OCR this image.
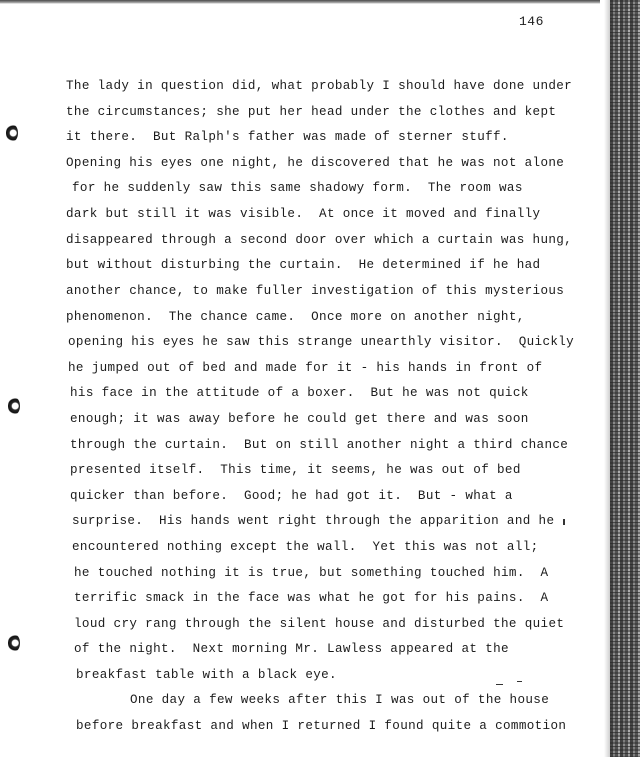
146
The lady in question did, what probably I should have done under
the circumstances; she put her head under the clothes and kept
it there.  But Ralph's father was made of sterner stuff.
Opening his eyes one night, he discovered that he was not alone
for he suddenly saw this same shadowy form.  The room was
dark but still it was visible.  At once it moved and finally
disappeared through a second door over which a curtain was hung,
but without disturbing the curtain.  He determined if he had
another chance, to make fuller investigation of this mysterious
phenomenon.  The chance came.  Once more on another night,
opening his eyes he saw this strange unearthly visitor.  Quickly
he jumped out of bed and made for it - his hands in front of
his face in the attitude of a boxer.  But he was not quick
enough; it was away before he could get there and was soon
through the curtain.  But on still another night a third chance
presented itself.  This time, it seems, he was out of bed
quicker than before.  Good; he had got it.  But - what a
surprise.  His hands went right through the apparition and he
encountered nothing except the wall.  Yet this was not all;
he touched nothing it is true, but something touched him.  A
terrific smack in the face was what he got for his pains.  A
loud cry rang through the silent house and disturbed the quiet
of the night.  Next morning Mr. Lawless appeared at the
breakfast table with a black eye.
One day a few weeks after this I was out of the house
before breakfast and when I returned I found quite a commotion
